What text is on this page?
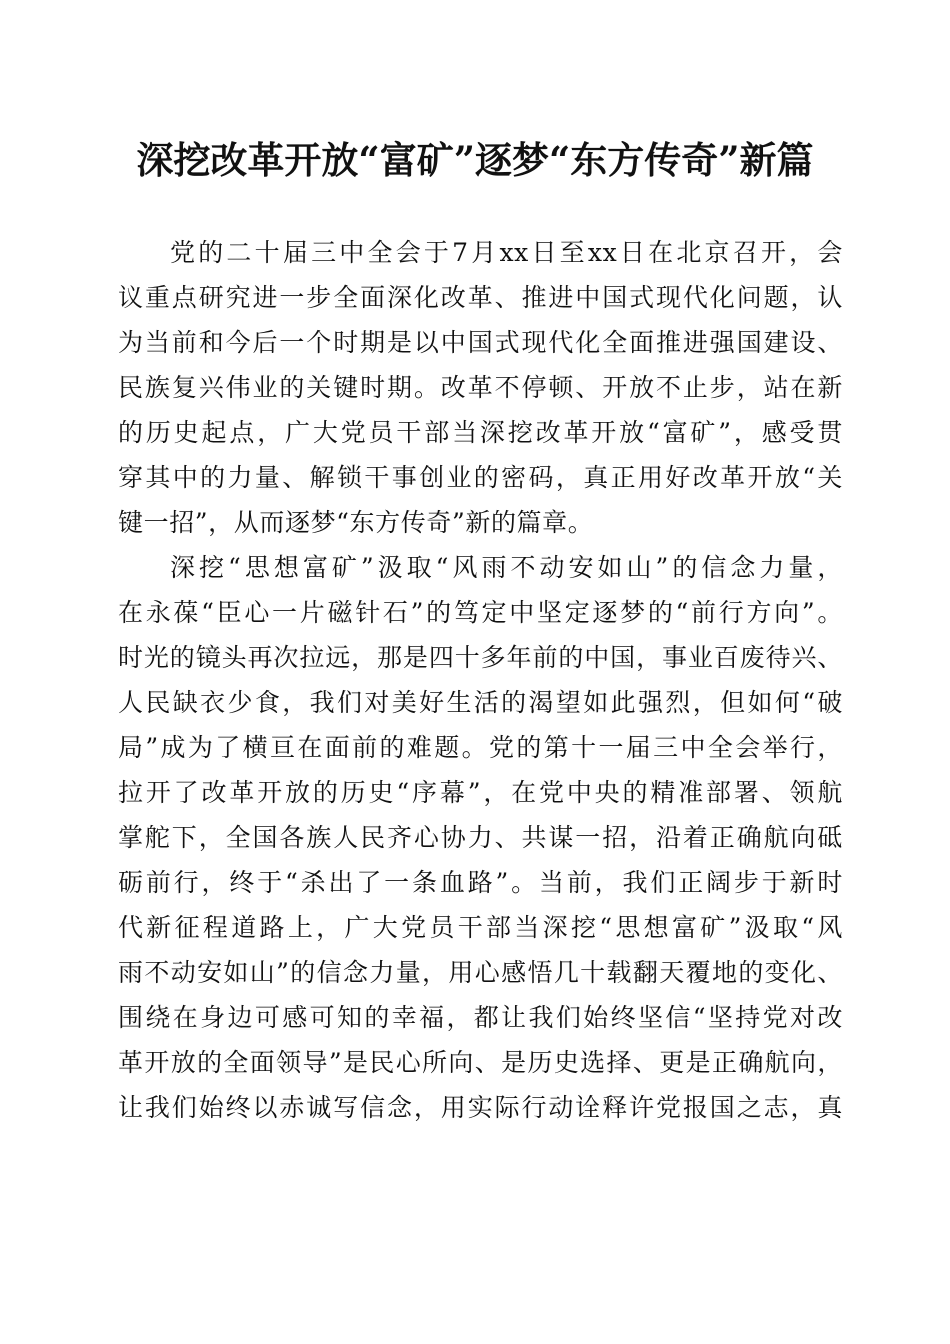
深挖改革开放“富矿”逐梦“东方传奇”新篇

党的二十届三中全会于7月xx日至xx日在北京召开，会

议重点研究进一步全面深化改革、推进中国式现代化问题，认

为当前和今后一个时期是以中国式现代化全面推进强国建设、

民族复兴伟业的关键时期。改革不停顿、开放不止步，站在新

的历史起点，广大党员干部当深挖改革开放“富矿”，感受贯

穿其中的力量、解锁干事创业的密码，真正用好改革开放“关

键一招”，从而逐梦“东方传奇”新的篇章。

深挖“思想富矿”汲取“风雨不动安如山”的信念力量，

在永葆“臣心一片磁针石”的笃定中坚定逐梦的“前行方向”。

时光的镜头再次拉远，那是四十多年前的中国，事业百废待兴、

人民缺衣少食，我们对美好生活的渴望如此强烈，但如何“破

局”成为了横亘在面前的难题。党的第十一届三中全会举行，

拉开了改革开放的历史“序幕”，在党中央的精准部署、领航

掌舵下，全国各族人民齐心协力、共谋一招，沿着正确航向砥

砺前行，终于“杀出了一条血路”。当前，我们正阔步于新时

代新征程道路上，广大党员干部当深挖“思想富矿”汲取“风

雨不动安如山”的信念力量，用心感悟几十载翻天覆地的变化、

围绕在身边可感可知的幸福，都让我们始终坚信“坚持党对改

革开放的全面领导”是民心所向、是历史选择、更是正确航向，

让我们始终以赤诚写信念，用实际行动诠释许党报国之志，真
